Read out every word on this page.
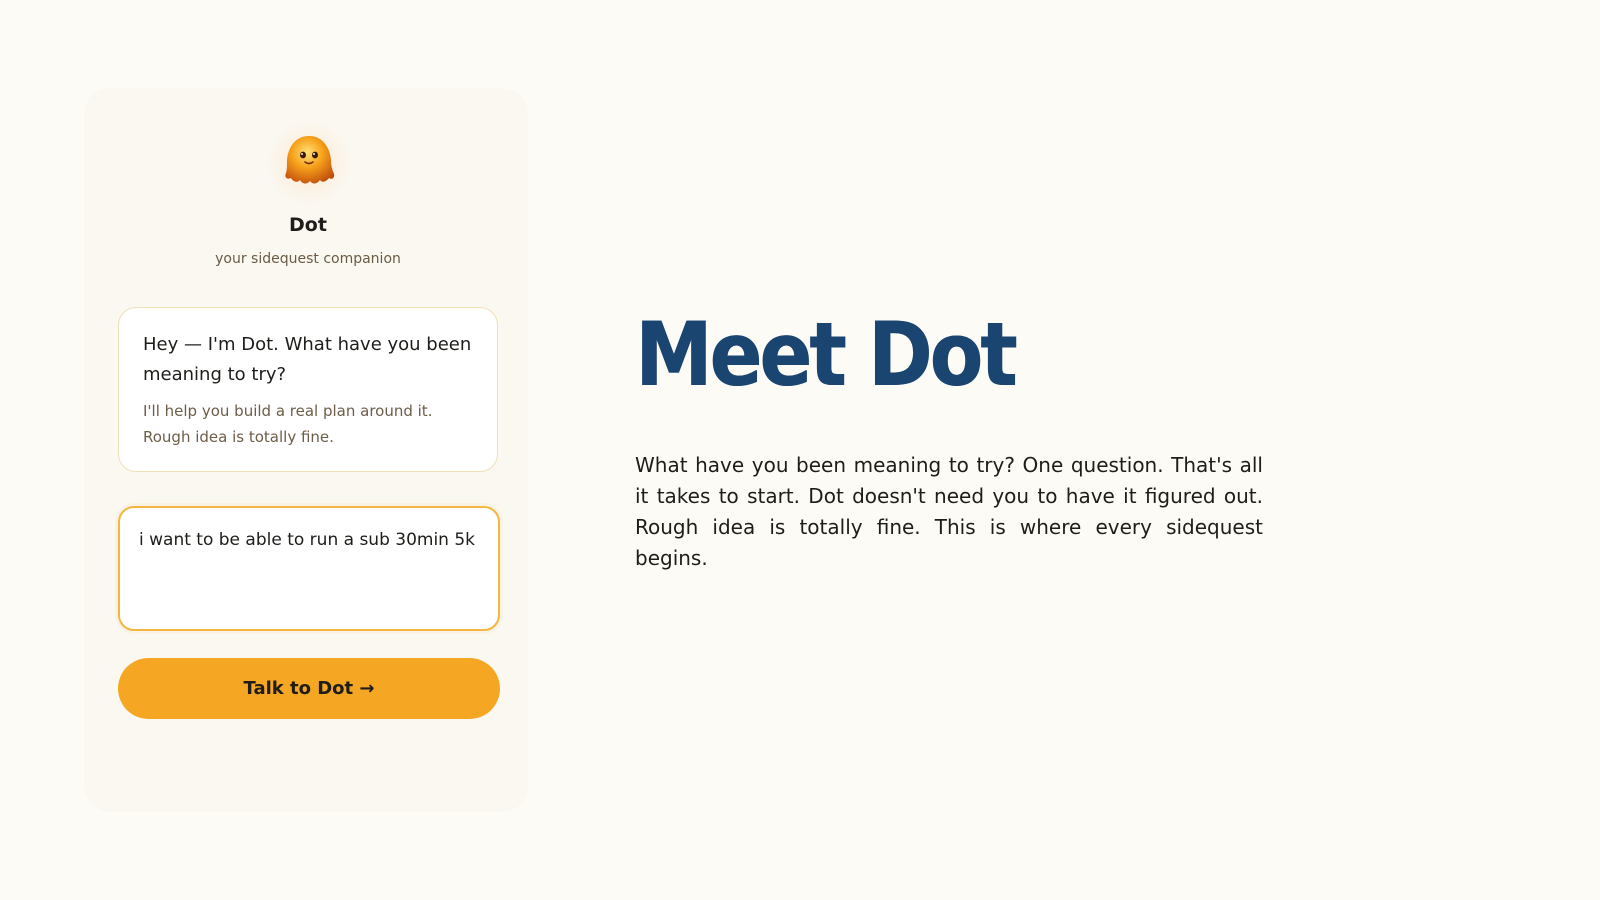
Dot
your sidequest companion
Hey — I'm Dot. What have you been meaning to try?
I'll help you build a real plan around it. Rough idea is totally fine.
i want to be able to run a sub 30min 5k
Talk to Dot →
Meet Dot

What have you been meaning to try? One question. That's all it takes to start. Dot doesn't need you to have it figured out. Rough idea is totally fine. This is where every sidequest begins.
